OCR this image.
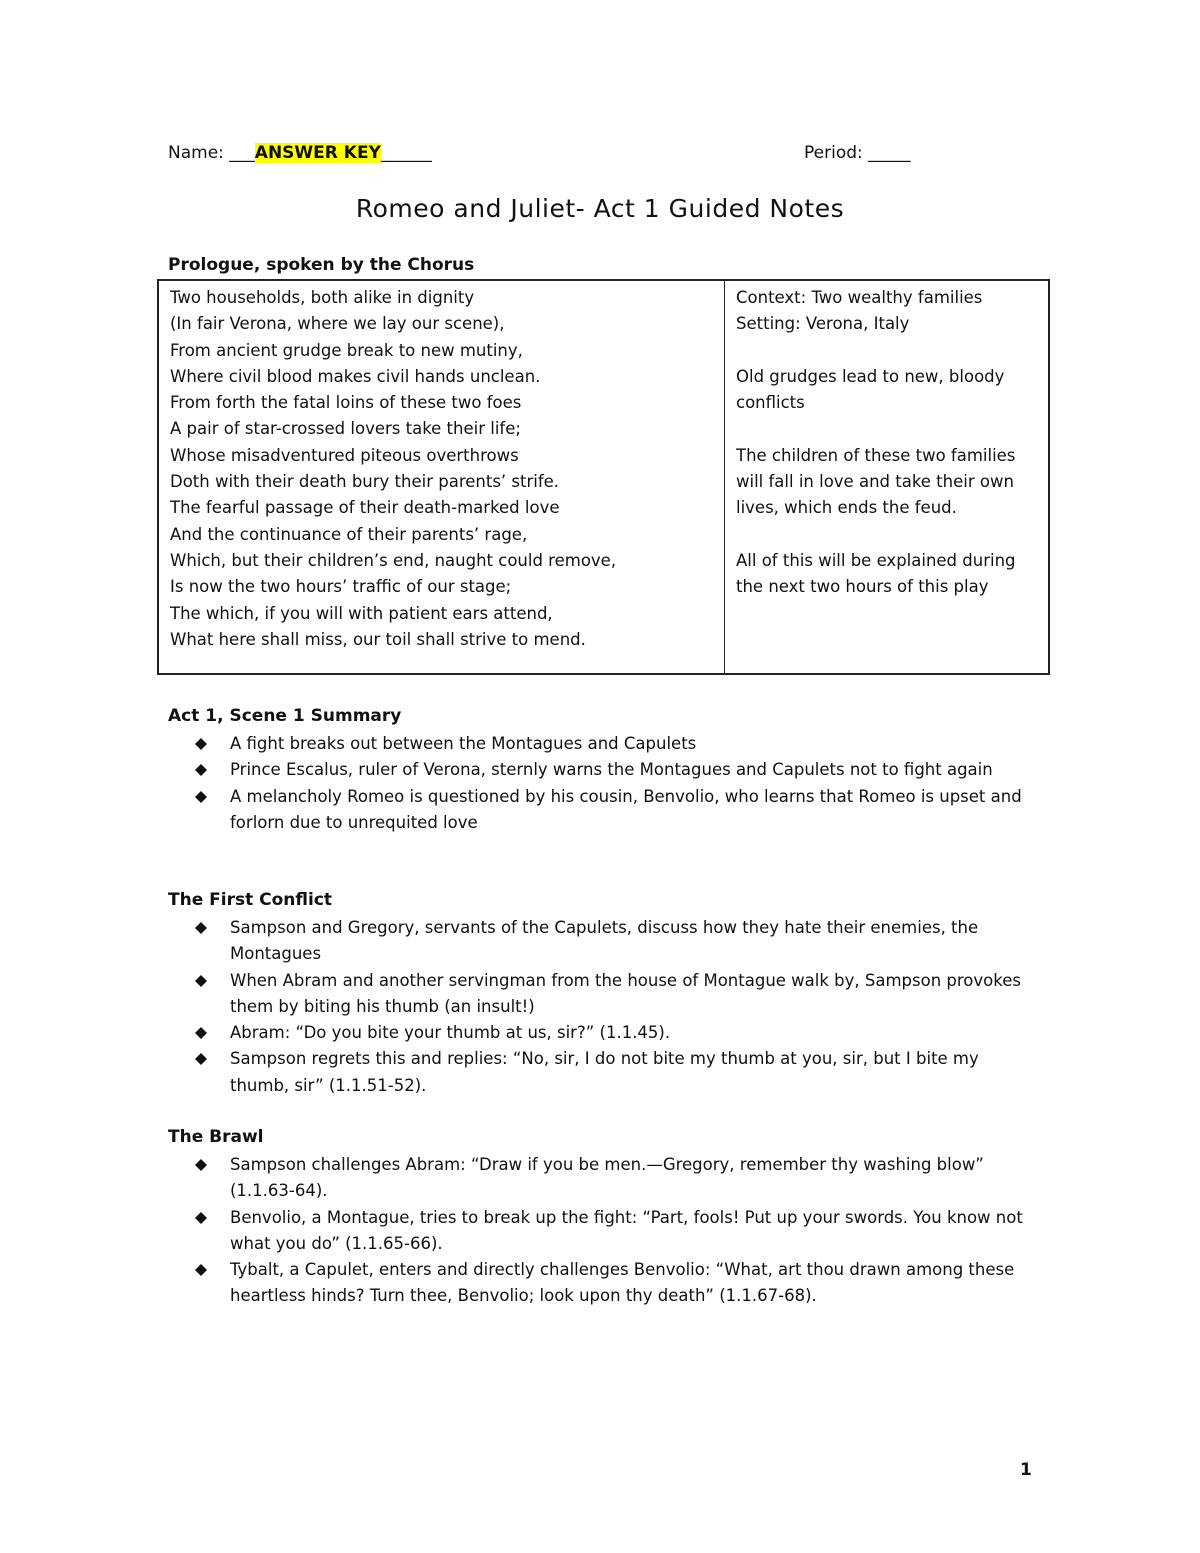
Name: ___ANSWER KEY______	Period: _____
Romeo and Juliet- Act 1 Guided Notes
Prologue, spoken by the Chorus
Two households, both alike in dignity
(In fair Verona, where we lay our scene),
From ancient grudge break to new mutiny,
Where civil blood makes civil hands unclean.
From forth the fatal loins of these two foes
A pair of star-crossed lovers take their life;
Whose misadventured piteous overthrows
Doth with their death bury their parents’ strife.
The fearful passage of their death-marked love
And the continuance of their parents’ rage,
Which, but their children’s end, naught could remove,
Is now the two hours’ traffic of our stage;
The which, if you will with patient ears attend,
What here shall miss, our toil shall strive to mend.
Context: Two wealthy families
Setting: Verona, Italy
Old grudges lead to new, bloody conflicts
The children of these two families will fall in love and take their own lives, which ends the feud.
All of this will be explained during the next two hours of this play
Act 1, Scene 1 Summary
A fight breaks out between the Montagues and Capulets
Prince Escalus, ruler of Verona, sternly warns the Montagues and Capulets not to fight again
A melancholy Romeo is questioned by his cousin, Benvolio, who learns that Romeo is upset and forlorn due to unrequited love
The First Conflict
Sampson and Gregory, servants of the Capulets, discuss how they hate their enemies, the Montagues
When Abram and another servingman from the house of Montague walk by, Sampson provokes them by biting his thumb (an insult!)
Abram: “Do you bite your thumb at us, sir?” (1.1.45).
Sampson regrets this and replies: “No, sir, I do not bite my thumb at you, sir, but I bite my thumb, sir” (1.1.51-52).
The Brawl
Sampson challenges Abram: “Draw if you be men.—Gregory, remember thy washing blow” (1.1.63-64).
Benvolio, a Montague, tries to break up the fight: “Part, fools! Put up your swords. You know not what you do” (1.1.65-66).
Tybalt, a Capulet, enters and directly challenges Benvolio: “What, art thou drawn among these heartless hinds? Turn thee, Benvolio; look upon thy death” (1.1.67-68).
1
